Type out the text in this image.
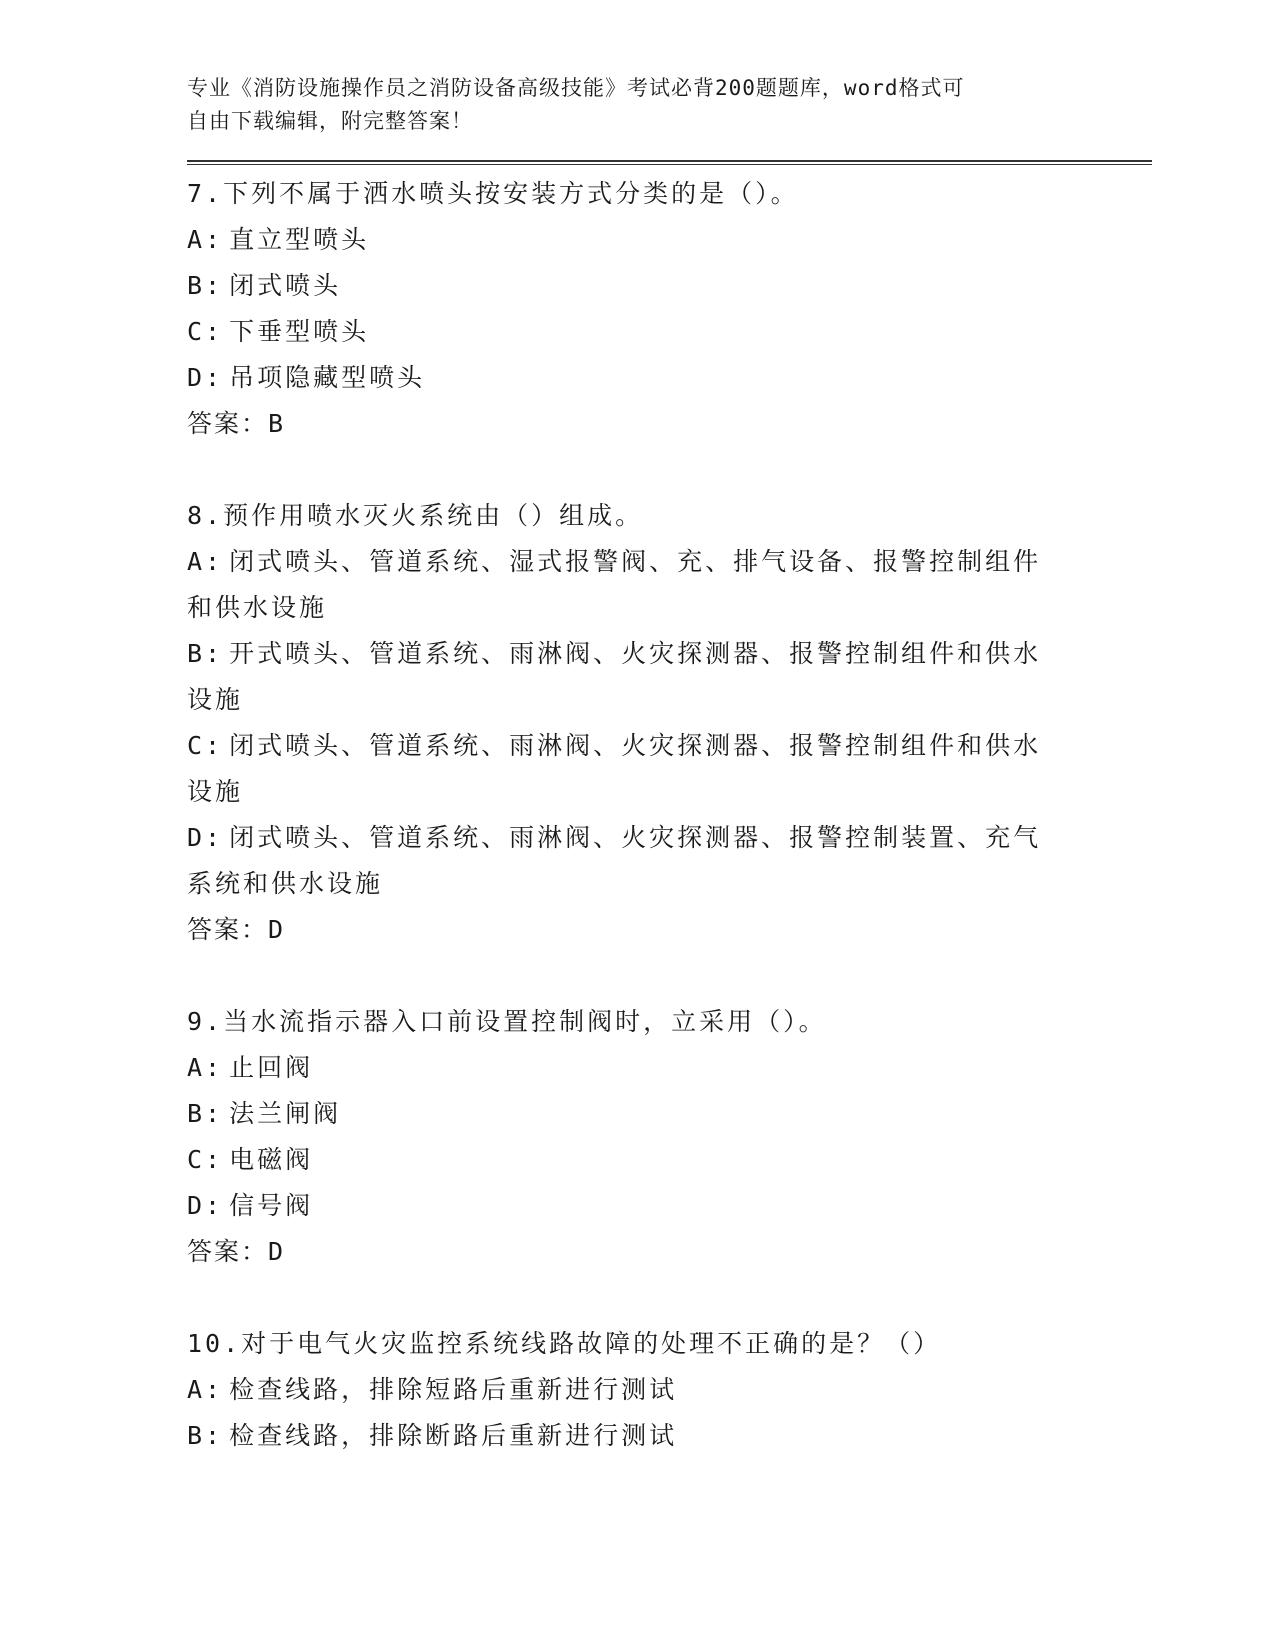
专业《消防设施操作员之消防设备高级技能》考试必背200题题库，word格式可
自由下载编辑，附完整答案！
7.下列不属于洒水喷头按安装方式分类的是（）。
A: 直立型喷头
B: 闭式喷头
C: 下垂型喷头
D: 吊项隐藏型喷头
答案：B
8.预作用喷水灭火系统由（）组成。
A: 闭式喷头、管道系统、湿式报警阀、充、排气设备、报警控制组件和供水设施
B: 开式喷头、管道系统、雨淋阀、火灾探测器、报警控制组件和供水设施
C: 闭式喷头、管道系统、雨淋阀、火灾探测器、报警控制组件和供水设施
D: 闭式喷头、管道系统、雨淋阀、火灾探测器、报警控制装置、充气系统和供水设施
答案：D
9.当水流指示器入口前设置控制阀时，立采用（）。
A: 止回阀
B: 法兰闸阀
C: 电磁阀
D: 信号阀
答案：D
10.对于电气火灾监控系统线路故障的处理不正确的是？（）
A: 检查线路，排除短路后重新进行测试
B: 检查线路，排除断路后重新进行测试
